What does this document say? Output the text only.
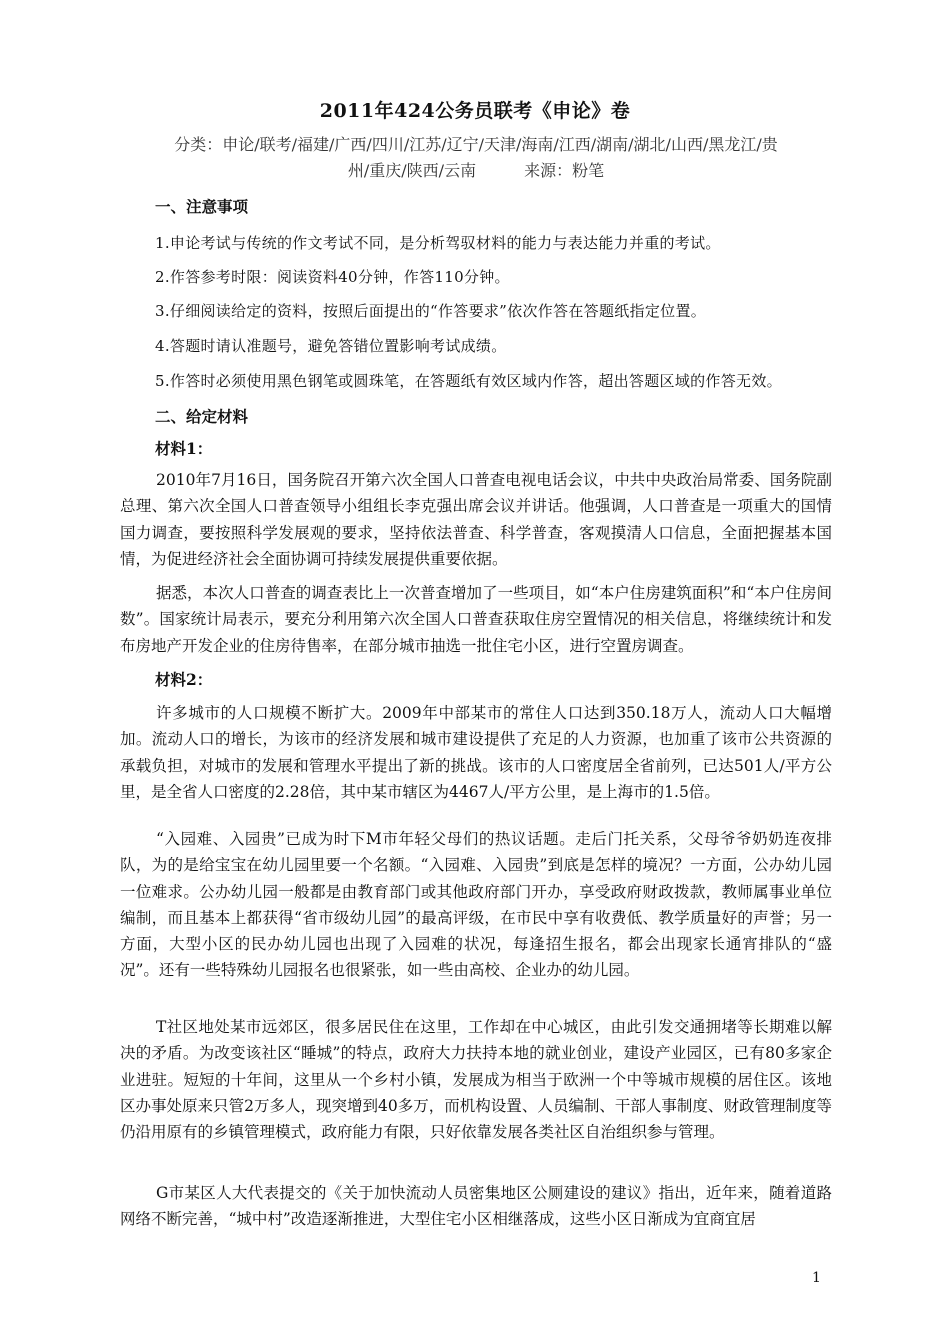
2011年424公务员联考《申论》卷
分类：申论/联考/福建/广西/四川/江苏/辽宁/天津/海南/江西/湖南/湖北/山西/黑龙江/贵
州/重庆/陕西/云南	来源：粉笔
一、注意事项
1.申论考试与传统的作文考试不同，是分析驾驭材料的能力与表达能力并重的考试。
2.作答参考时限：阅读资料40分钟，作答110分钟。
3.仔细阅读给定的资料，按照后面提出的“作答要求”依次作答在答题纸指定位置。
4.答题时请认准题号，避免答错位置影响考试成绩。
5.作答时必须使用黑色钢笔或圆珠笔，在答题纸有效区域内作答，超出答题区域的作答无效。
二、给定材料
材料1：
2010年7月16日，国务院召开第六次全国人口普查电视电话会议，中共中央政治局常委、国务院副总理、第六次全国人口普查领导小组组长李克强出席会议并讲话。他强调，人口普查是一项重大的国情国力调查，要按照科学发展观的要求，坚持依法普查、科学普查，客观摸清人口信息，全面把握基本国情，为促进经济社会全面协调可持续发展提供重要依据。
据悉，本次人口普查的调查表比上一次普查增加了一些项目，如“本户住房建筑面积”和“本户住房间数”。国家统计局表示，要充分利用第六次全国人口普查获取住房空置情况的相关信息，将继续统计和发布房地产开发企业的住房待售率，在部分城市抽选一批住宅小区，进行空置房调查。
材料2：
许多城市的人口规模不断扩大。2009年中部某市的常住人口达到350.18万人，流动人口大幅增加。流动人口的增长，为该市的经济发展和城市建设提供了充足的人力资源，也加重了该市公共资源的承载负担，对城市的发展和管理水平提出了新的挑战。该市的人口密度居全省前列，已达501人/平方公里，是全省人口密度的2.28倍，其中某市辖区为4467人/平方公里，是上海市的1.5倍。
“入园难、入园贵”已成为时下M市年轻父母们的热议话题。走后门托关系，父母爷爷奶奶连夜排队，为的是给宝宝在幼儿园里要一个名额。“入园难、入园贵”到底是怎样的境况？一方面，公办幼儿园一位难求。公办幼儿园一般都是由教育部门或其他政府部门开办，享受政府财政拨款，教师属事业单位编制，而且基本上都获得“省市级幼儿园”的最高评级，在市民中享有收费低、教学质量好的声誉；另一方面，大型小区的民办幼儿园也出现了入园难的状况，每逢招生报名，都会出现家长通宵排队的“盛况”。还有一些特殊幼儿园报名也很紧张，如一些由高校、企业办的幼儿园。
T社区地处某市远郊区，很多居民住在这里，工作却在中心城区，由此引发交通拥堵等长期难以解决的矛盾。为改变该社区“睡城”的特点，政府大力扶持本地的就业创业，建设产业园区，已有80多家企业进驻。短短的十年间，这里从一个乡村小镇，发展成为相当于欧洲一个中等城市规模的居住区。该地区办事处原来只管2万多人，现突增到40多万，而机构设置、人员编制、干部人事制度、财政管理制度等仍沿用原有的乡镇管理模式，政府能力有限，只好依靠发展各类社区自治组织参与管理。
G市某区人大代表提交的《关于加快流动人员密集地区公厕建设的建议》指出，近年来，随着道路网络不断完善，“城中村”改造逐渐推进，大型住宅小区相继落成，这些小区日渐成为宜商宜居
1
